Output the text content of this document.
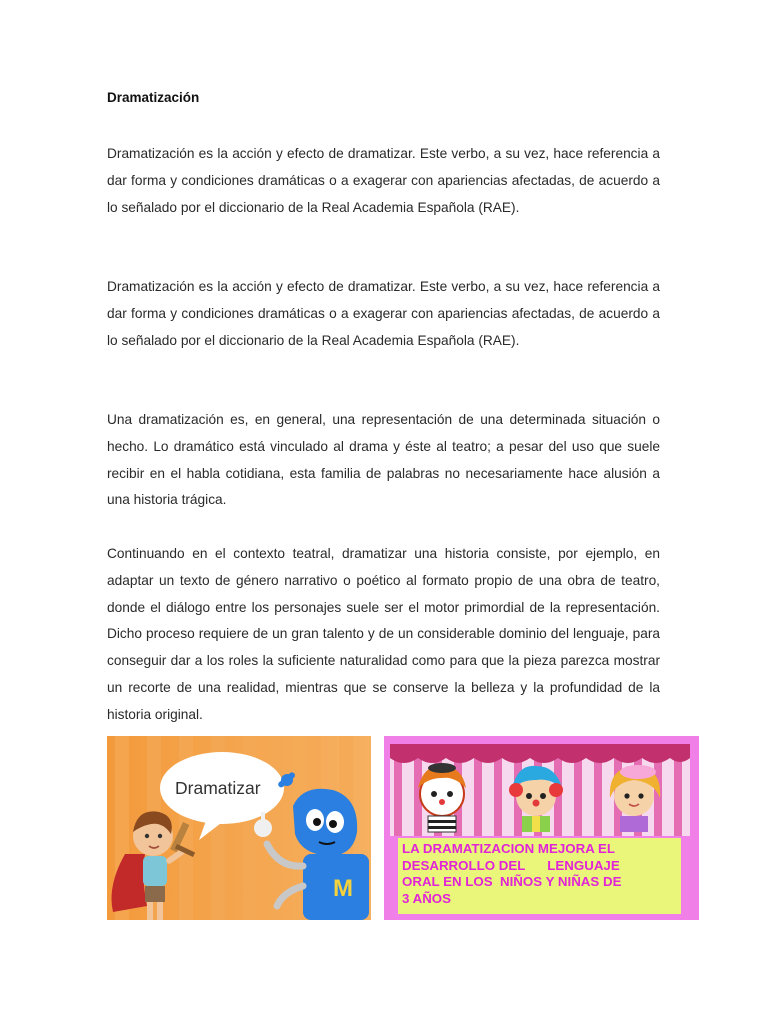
Dramatización

Dramatización es la acción y efecto de dramatizar. Este verbo, a su vez, hace referencia a dar forma y condiciones dramáticas o a exagerar con apariencias afectadas, de acuerdo a lo señalado por el diccionario de la Real Academia Española (RAE).

Dramatización es la acción y efecto de dramatizar. Este verbo, a su vez, hace referencia a dar forma y condiciones dramáticas o a exagerar con apariencias afectadas, de acuerdo a lo señalado por el diccionario de la Real Academia Española (RAE).

Una dramatización es, en general, una representación de una determinada situación o hecho. Lo dramático está vinculado al drama y éste al teatro; a pesar del uso que suele recibir en el habla cotidiana, esta familia de palabras no necesariamente hace alusión a una historia trágica.

Continuando en el contexto teatral, dramatizar una historia consiste, por ejemplo, en adaptar un texto de género narrativo o poético al formato propio de una obra de teatro, donde el diálogo entre los personajes suele ser el motor primordial de la representación. Dicho proceso requiere de un gran talento y de un considerable dominio del lenguaje, para conseguir dar a los roles la suficiente naturalidad como para que la pieza parezca mostrar un recorte de una realidad, mientras que se conserve la belleza y la profundidad de la historia original.

Dramatizar
M
LA DRAMATIZACION MEJORA EL
DESARROLLO DEL      LENGUAJE
ORAL EN LOS  NIÑOS Y NIÑAS DE
3 AÑOS
